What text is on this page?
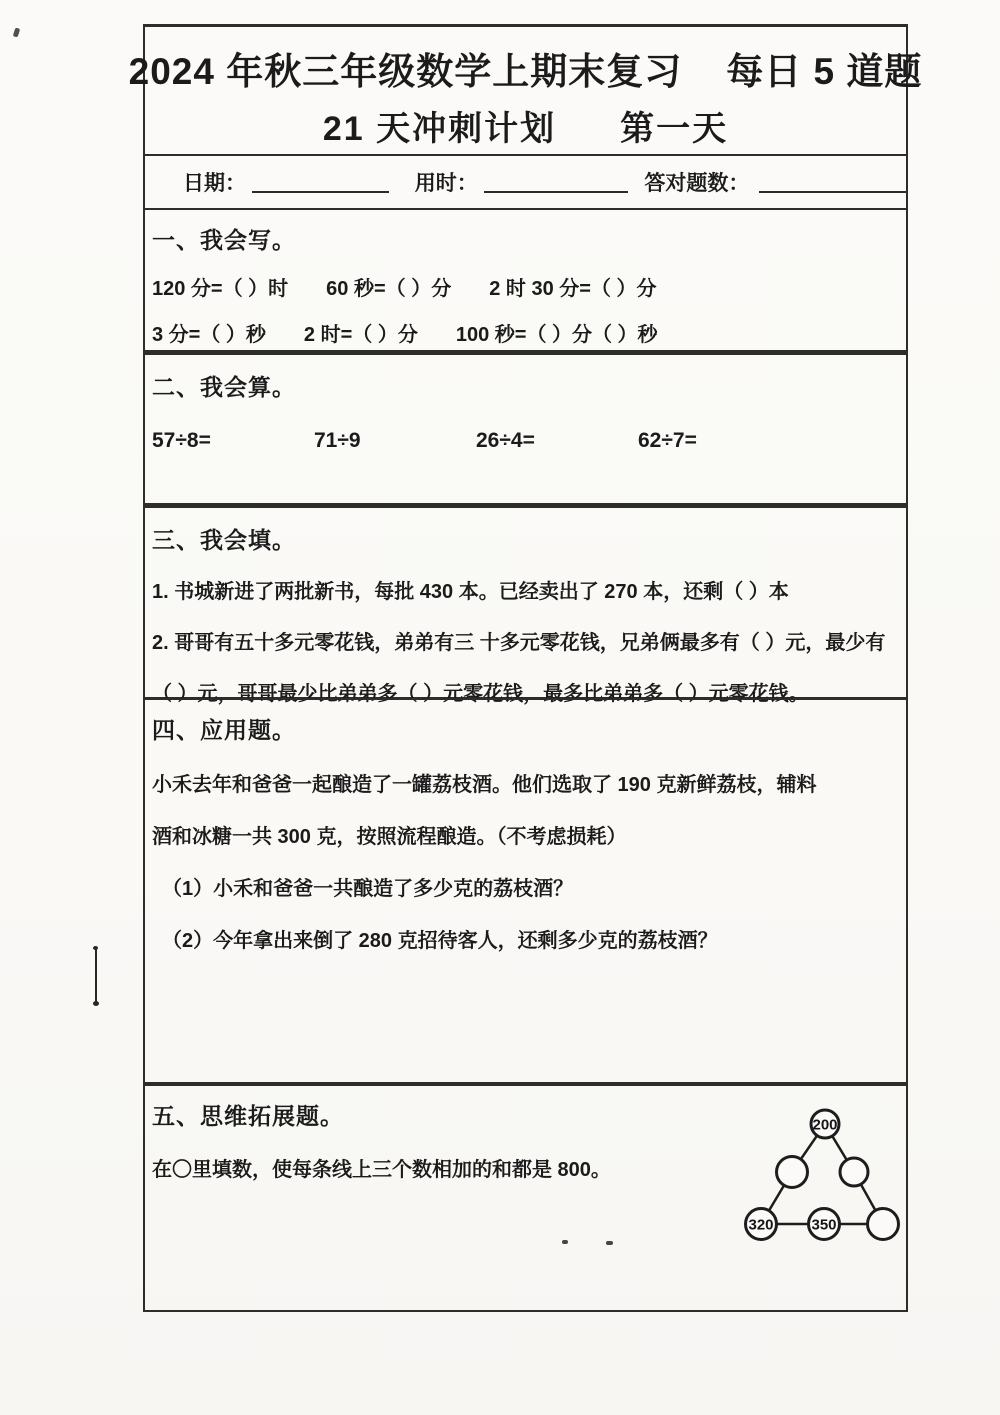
2024 年秋三年级数学上期末复习 每日 5 道题
21 天冲刺计划 第一天
日期：	用时：	答对题数：
一、我会写。
120 分=（ ）时 60 秒=（ ）分 2 时 30 分=（ ）分
3 分=（ ）秒 2 时=（ ）分 100 秒=（ ）分（ ）秒
二、我会算。
57÷8=	71÷9	26÷4=	62÷7=
三、我会填。
1. 书城新进了两批新书，每批 430 本。已经卖出了 270 本，还剩（ ）本
2. 哥哥有五十多元零花钱，弟弟有三 十多元零花钱，兄弟俩最多有（ ）元，最少有
（ ）元，哥哥最少比弟弟多（ ）元零花钱，最多比弟弟多（ ）元零花钱。
四、应用题。
小禾去年和爸爸一起酿造了一罐荔枝酒。他们选取了 190 克新鲜荔枝，辅料
酒和冰糖一共 300 克，按照流程酿造。（不考虑损耗）
（1）小禾和爸爸一共酿造了多少克的荔枝酒？
（2）今年拿出来倒了 280 克招待客人，还剩多少克的荔枝酒？
五、思维拓展题。
在〇里填数，使每条线上三个数相加的和都是 800。
200
320	350
